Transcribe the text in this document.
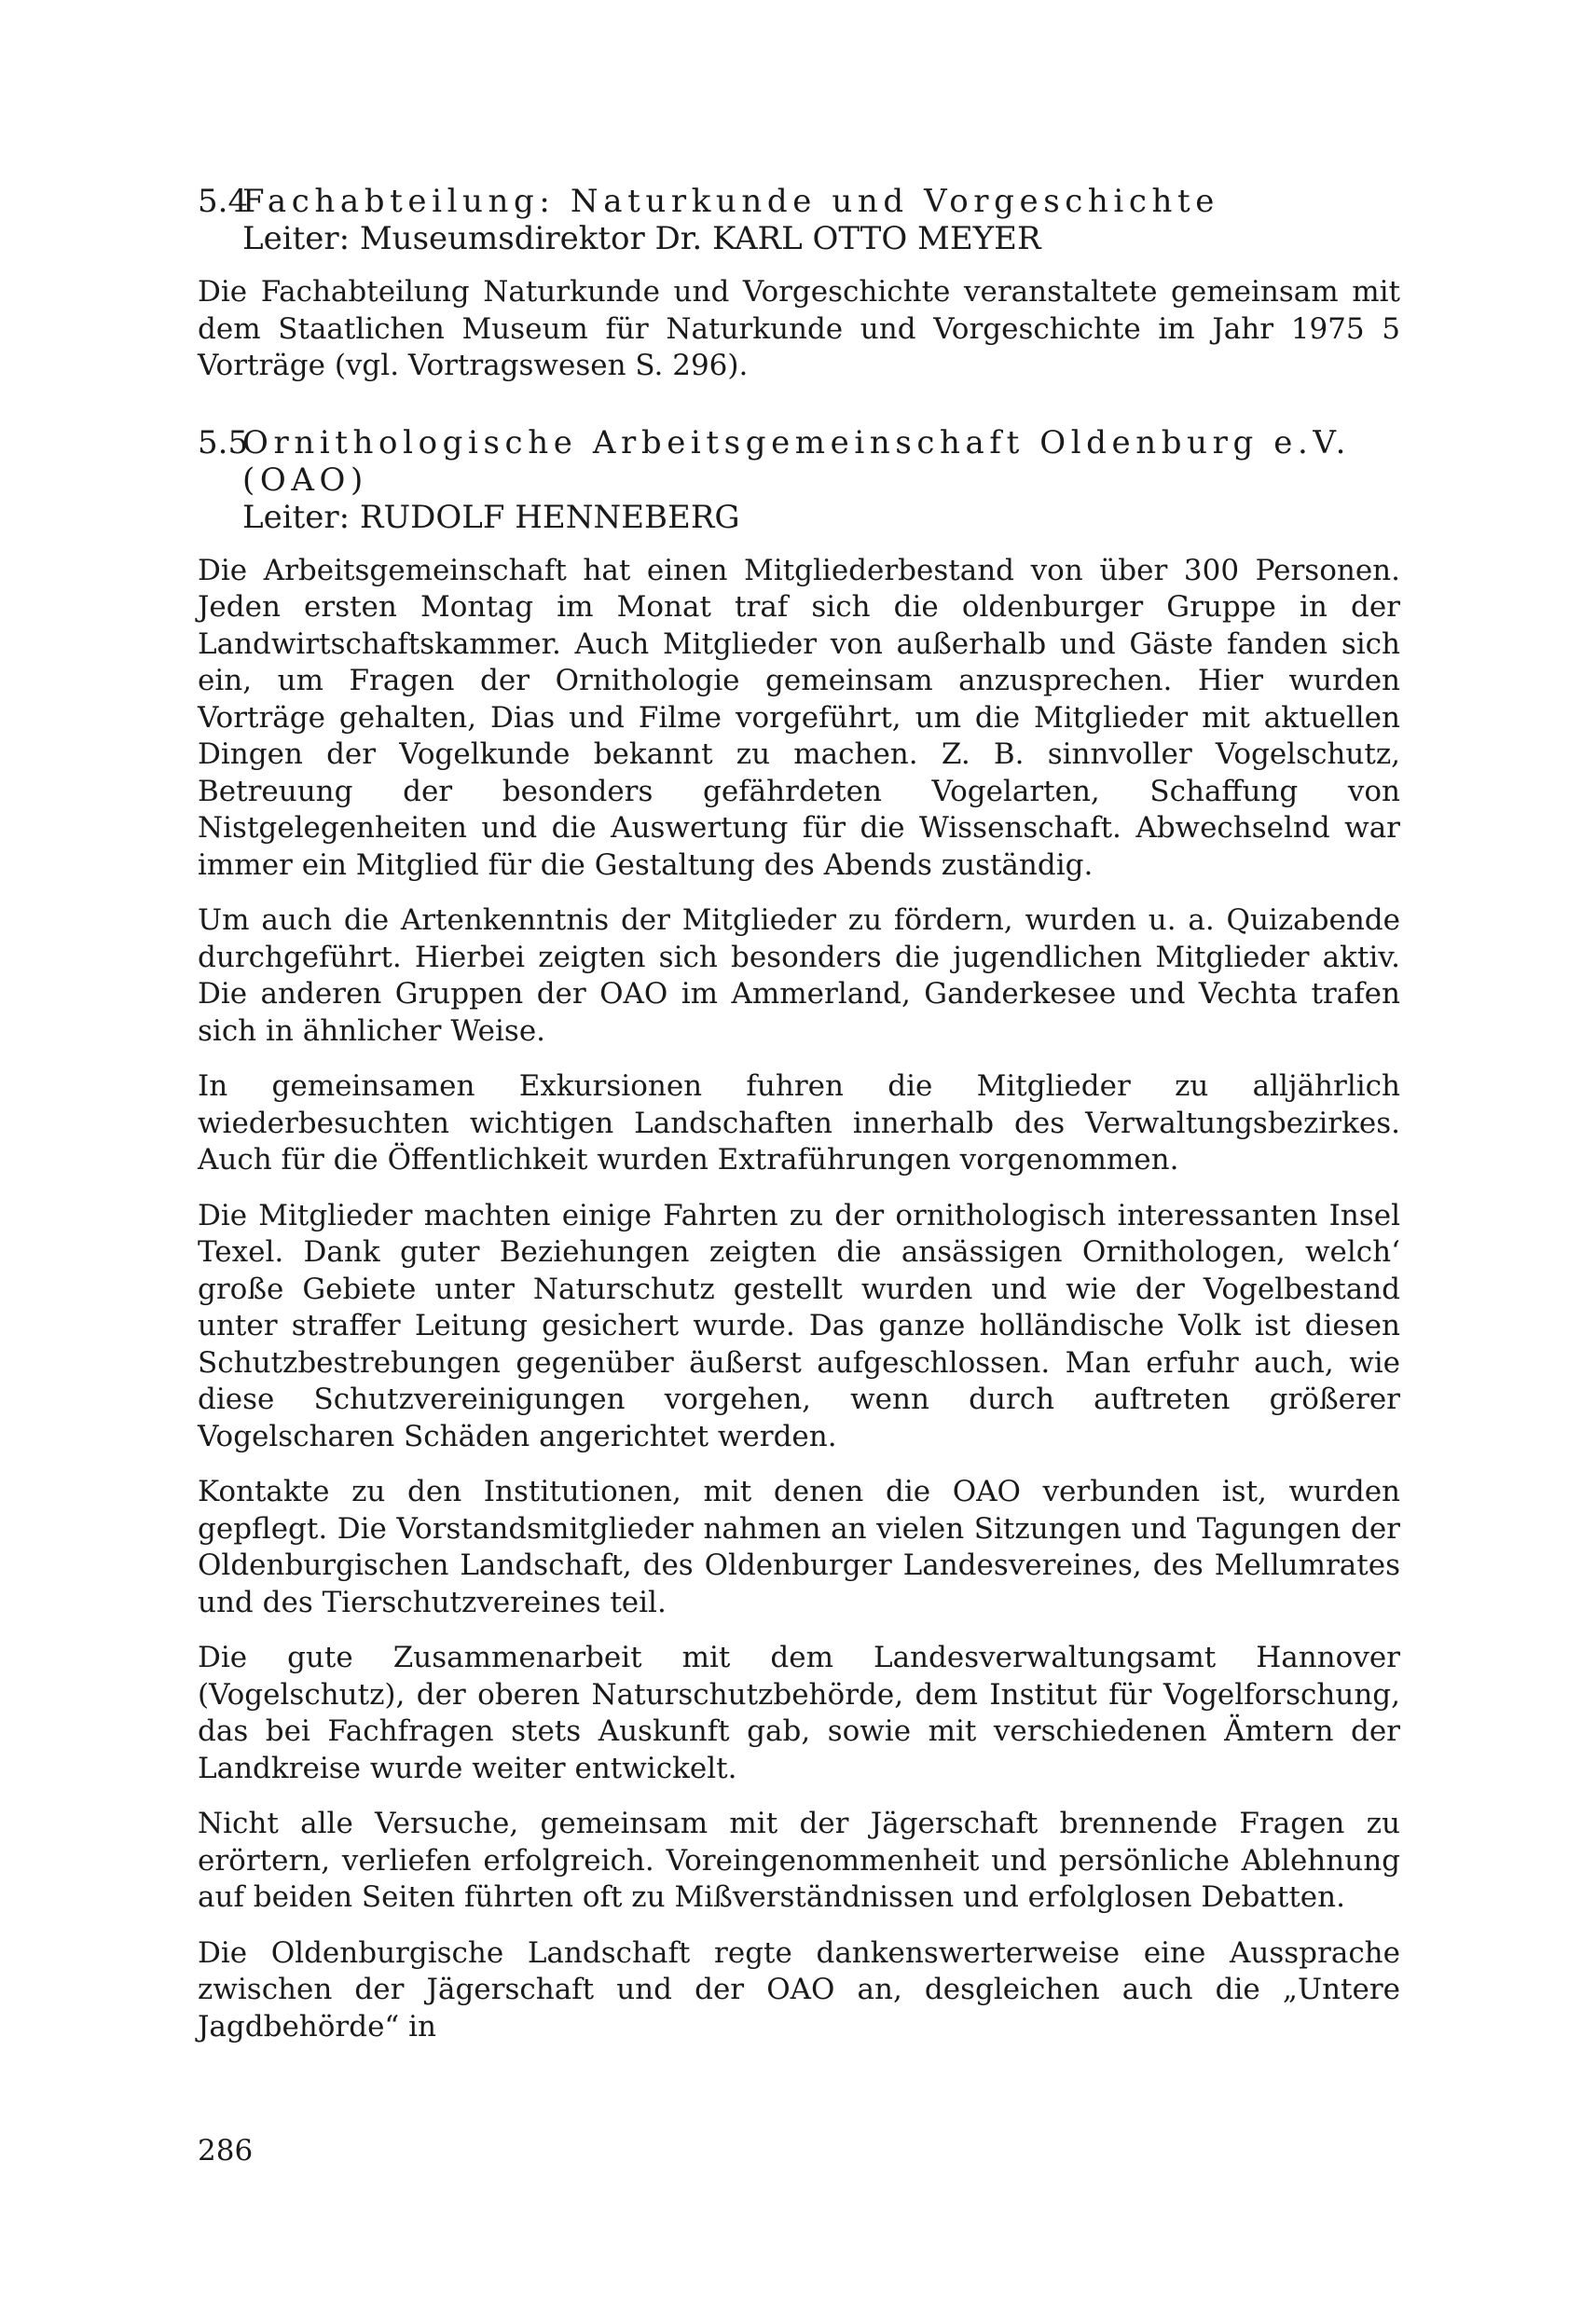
5.4
Fachabteilung: Naturkunde und Vorgeschichte
Leiter: Museumsdirektor Dr. KARL OTTO MEYER

Die Fachabteilung Naturkunde und Vorgeschichte veranstaltete gemeinsam mit dem Staatlichen Museum für Naturkunde und Vorgeschichte im Jahr 1975 5 Vorträge (vgl. Vortragswesen S. 296).

5.5
Ornithologische Arbeitsgemeinschaft Oldenburg e.V.
(OAO)
Leiter: RUDOLF HENNEBERG

Die Arbeitsgemeinschaft hat einen Mitgliederbestand von über 300 Personen. Jeden ersten Montag im Monat traf sich die oldenburger Gruppe in der Landwirtschaftskammer. Auch Mitglieder von außerhalb und Gäste fanden sich ein, um Fragen der Ornithologie gemeinsam anzusprechen. Hier wurden Vorträge gehalten, Dias und Filme vorgeführt, um die Mitglieder mit aktuellen Dingen der Vogelkunde bekannt zu machen. Z. B. sinnvoller Vogelschutz, Betreuung der besonders gefährdeten Vogelarten, Schaffung von Nistgelegenheiten und die Auswertung für die Wissenschaft. Abwechselnd war immer ein Mitglied für die Gestaltung des Abends zuständig.

Um auch die Artenkenntnis der Mitglieder zu fördern, wurden u. a. Quizabende durchgeführt. Hierbei zeigten sich besonders die jugendlichen Mitglieder aktiv. Die anderen Gruppen der OAO im Ammerland, Ganderkesee und Vechta trafen sich in ähnlicher Weise.

In gemeinsamen Exkursionen fuhren die Mitglieder zu alljährlich wiederbesuchten wichtigen Landschaften innerhalb des Verwaltungsbezirkes. Auch für die Öffentlichkeit wurden Extraführungen vorgenommen.

Die Mitglieder machten einige Fahrten zu der ornithologisch interessanten Insel Texel. Dank guter Beziehungen zeigten die ansässigen Ornithologen, welch‘ große Gebiete unter Naturschutz gestellt wurden und wie der Vogelbestand unter straffer Leitung gesichert wurde. Das ganze holländische Volk ist diesen Schutzbestrebungen gegenüber äußerst aufgeschlossen. Man erfuhr auch, wie diese Schutzvereinigungen vorgehen, wenn durch auftreten größerer Vogelscharen Schäden angerichtet werden.

Kontakte zu den Institutionen, mit denen die OAO verbunden ist, wurden gepflegt. Die Vorstandsmitglieder nahmen an vielen Sitzungen und Tagungen der Oldenburgischen Landschaft, des Oldenburger Landesvereines, des Mellumrates und des Tierschutzvereines teil.

Die gute Zusammenarbeit mit dem Landesverwaltungsamt Hannover (Vogelschutz), der oberen Naturschutzbehörde, dem Institut für Vogelforschung, das bei Fachfragen stets Auskunft gab, sowie mit verschiedenen Ämtern der Landkreise wurde weiter entwickelt.

Nicht alle Versuche, gemeinsam mit der Jägerschaft brennende Fragen zu erörtern, verliefen erfolgreich. Voreingenommenheit und persönliche Ablehnung auf beiden Seiten führten oft zu Mißverständnissen und erfolglosen Debatten.

Die Oldenburgische Landschaft regte dankenswerterweise eine Aussprache zwischen der Jägerschaft und der OAO an, desgleichen auch die „Untere Jagdbehörde“ in

286
